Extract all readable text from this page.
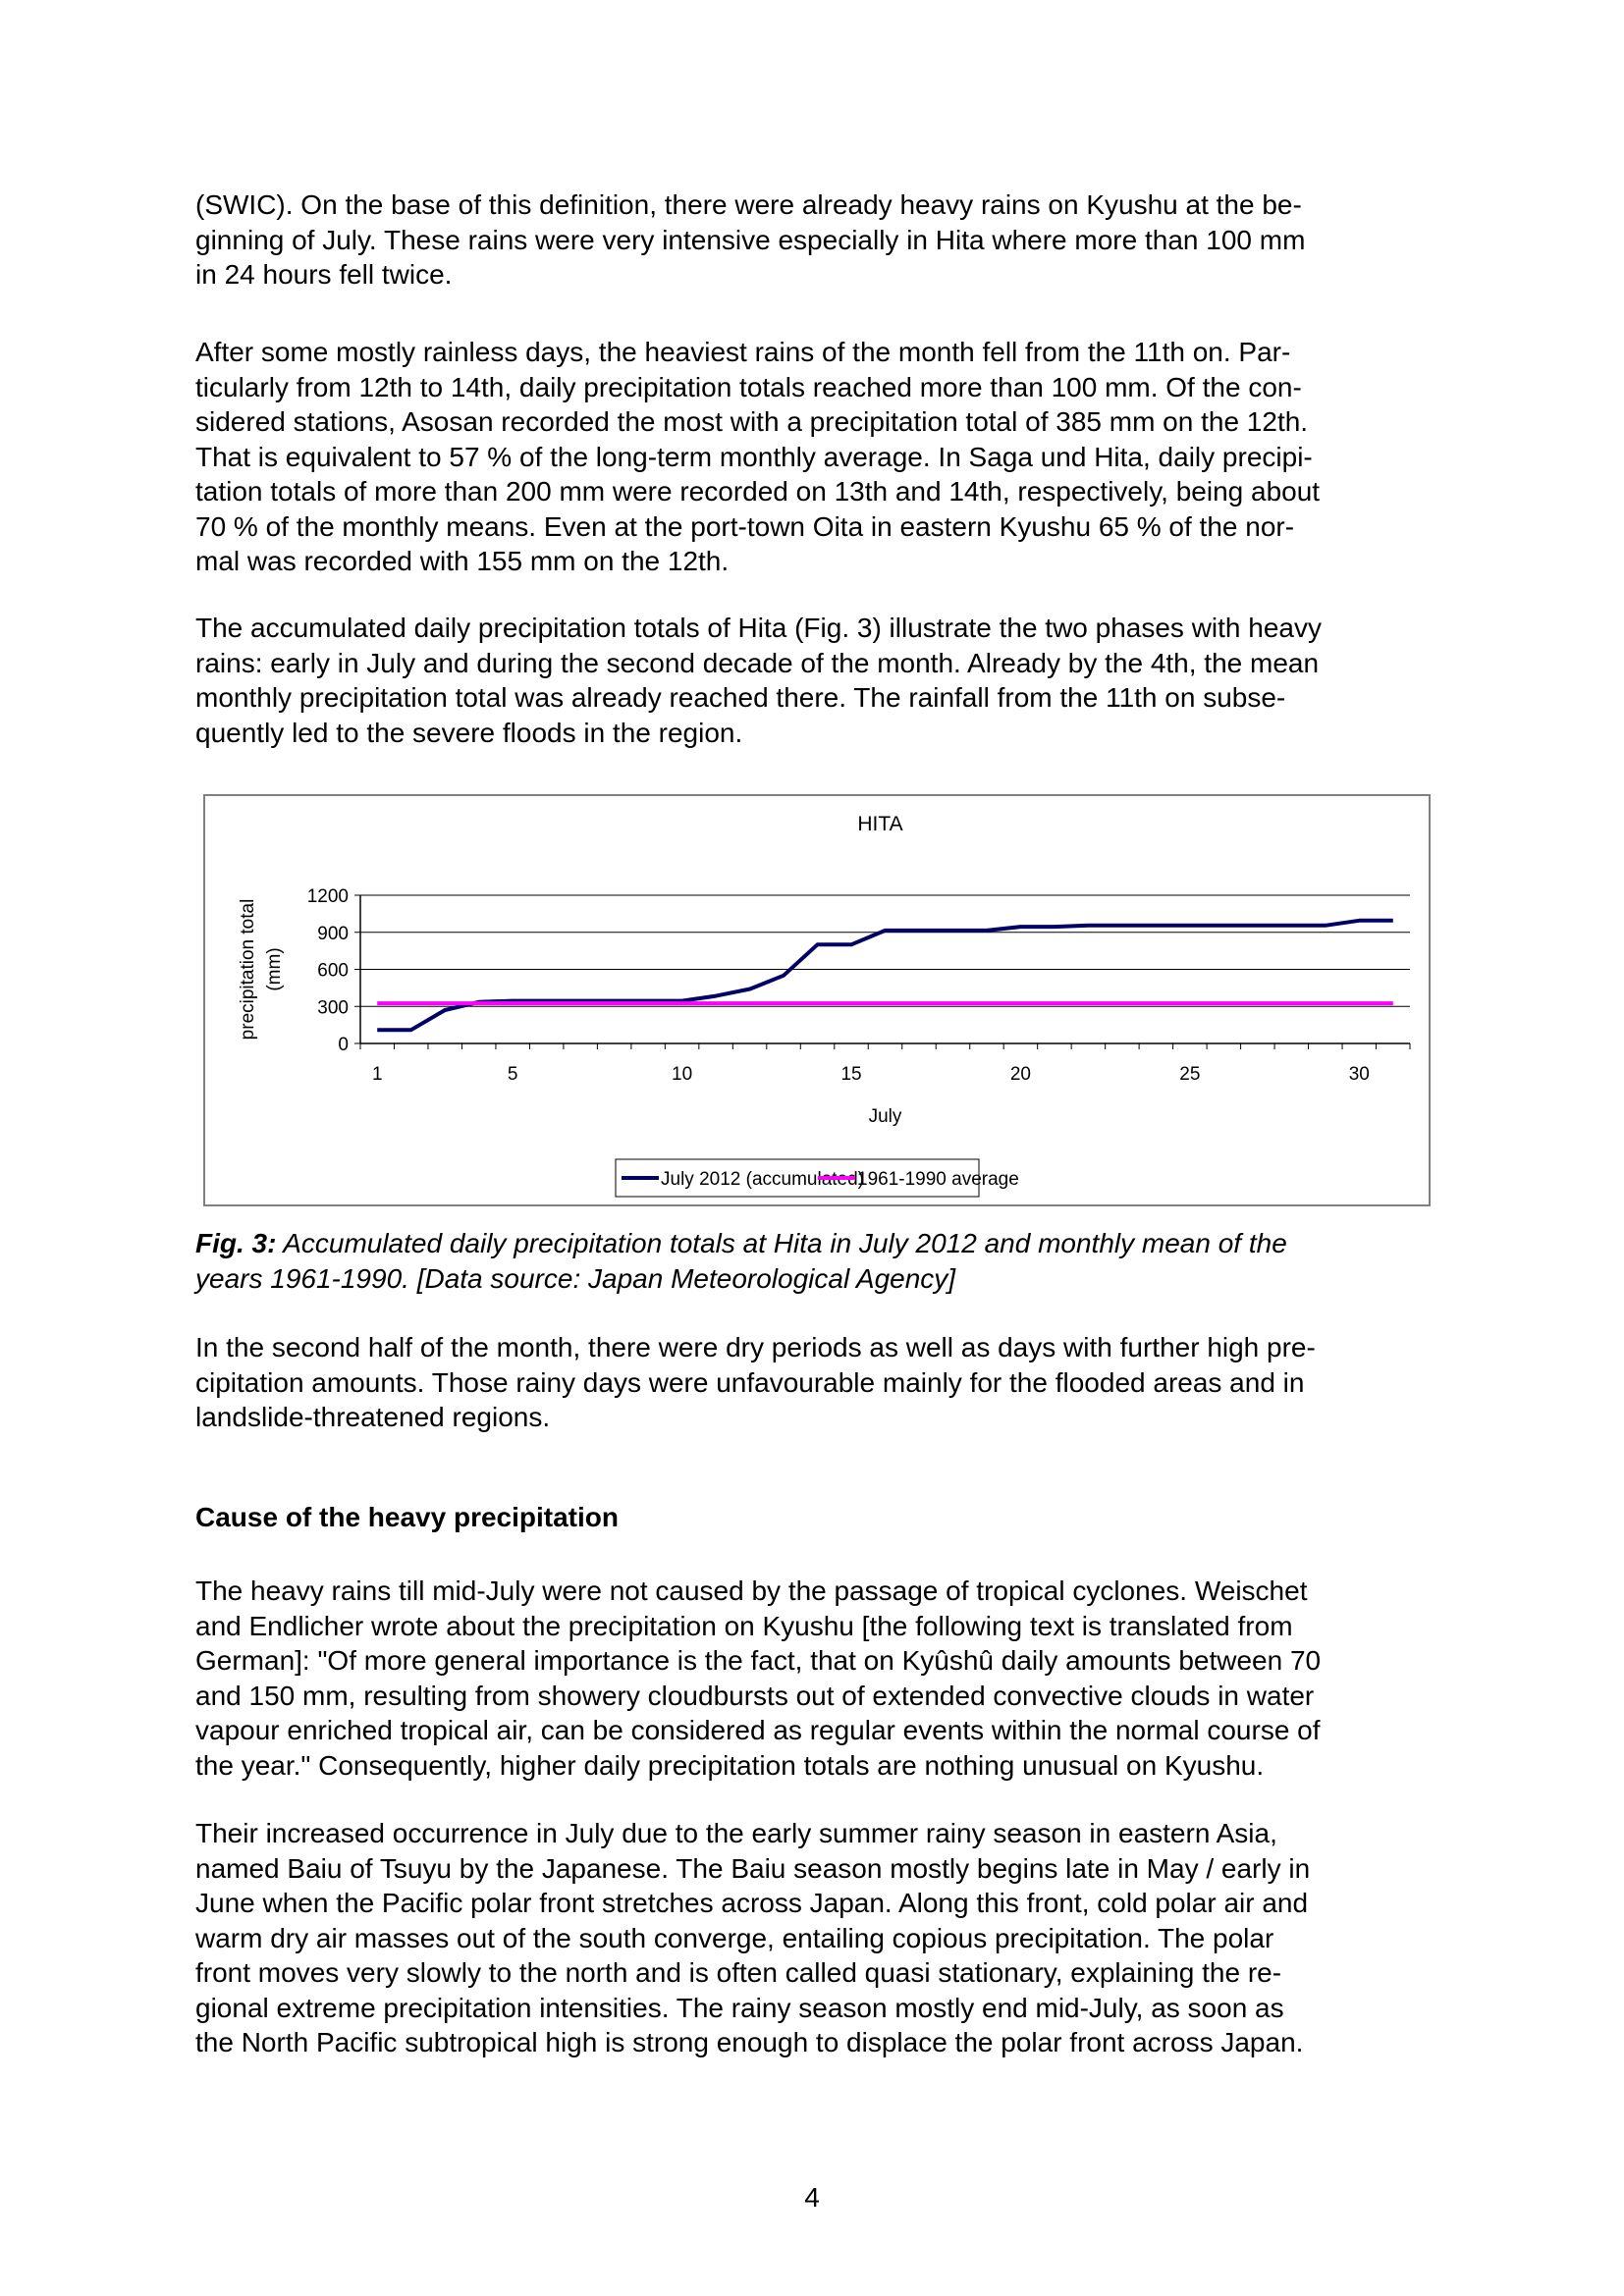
(SWIC). On the base of this definition, there were already heavy rains on Kyushu at the be-
ginning of July. These rains were very intensive especially in Hita where more than 100 mm
in 24 hours fell twice.
After some mostly rainless days, the heaviest rains of the month fell from the 11th on. Par-
ticularly from 12th to 14th, daily precipitation totals reached more than 100 mm. Of the con-
sidered stations, Asosan recorded the most with a precipitation total of 385 mm on the 12th.
That is equivalent to 57 % of the long-term monthly average. In Saga und Hita, daily precipi-
tation totals of more than 200 mm were recorded on 13th and 14th, respectively, being about
70 % of the monthly means. Even at the port-town Oita in eastern Kyushu 65 % of the nor-
mal was recorded with 155 mm on the 12th.
The accumulated daily precipitation totals of Hita (Fig. 3) illustrate the two phases with heavy
rains: early in July and during the second decade of the month. Already by the 4th, the mean
monthly precipitation total was already reached there. The rainfall from the 11th on subse-
quently led to the severe floods in the region.
HITA
0
300
600
900
1200
1	5	10	15	20	25	30
July
precipitation total (mm)
July 2012 (accumulated)
1961-1990 average
Fig. 3: Accumulated daily precipitation totals at Hita in July 2012 and monthly mean of the
years 1961-1990. [Data source: Japan Meteorological Agency]
In the second half of the month, there were dry periods as well as days with further high pre-
cipitation amounts. Those rainy days were unfavourable mainly for the flooded areas and in
landslide-threatened regions.
Cause of the heavy precipitation
The heavy rains till mid-July were not caused by the passage of tropical cyclones. Weischet
and Endlicher wrote about the precipitation on Kyushu [the following text is translated from
German]: "Of more general importance is the fact, that on Kyûshû daily amounts between 70
and 150 mm, resulting from showery cloudbursts out of extended convective clouds in water
vapour enriched tropical air, can be considered as regular events within the normal course of
the year." Consequently, higher daily precipitation totals are nothing unusual on Kyushu.
Their increased occurrence in July due to the early summer rainy season in eastern Asia,
named Baiu of Tsuyu by the Japanese. The Baiu season mostly begins late in May / early in
June when the Pacific polar front stretches across Japan. Along this front, cold polar air and
warm dry air masses out of the south converge, entailing copious precipitation. The polar
front moves very slowly to the north and is often called quasi stationary, explaining the re-
gional extreme precipitation intensities. The rainy season mostly end mid-July, as soon as
the North Pacific subtropical high is strong enough to displace the polar front across Japan.
4
